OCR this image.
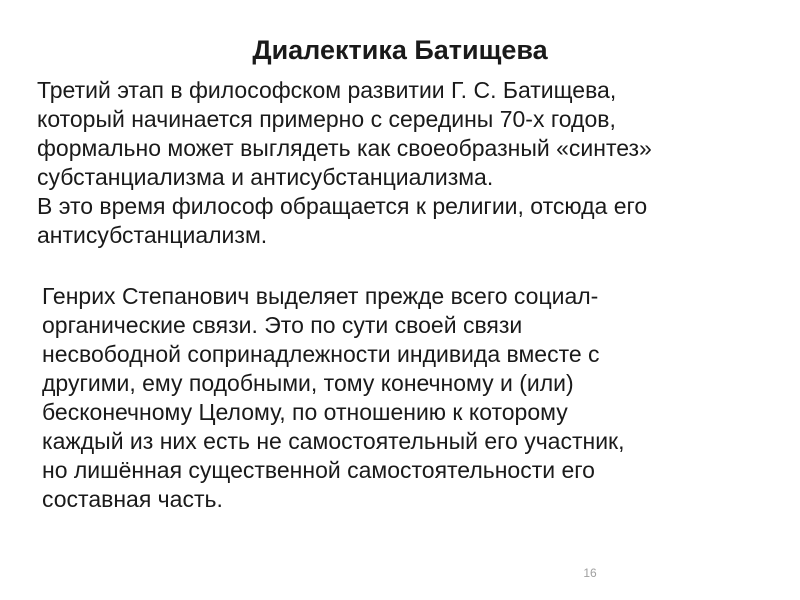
Диалектика Батищева
Третий этап в философском развитии Г. С. Батищева,
который начинается примерно с середины 70-х годов,
формально может выглядеть как своеобразный «синтез»
субстанциализма и антисубстанциализма.
В это время философ обращается к религии, отсюда его
антисубстанциализм.
Генрих Степанович выделяет прежде всего социал-
органические связи. Это по сути своей связи
несвободной сопринадлежности индивида вместе с
другими, ему подобными, тому конечному и (или)
бесконечному Целому, по отношению к которому
каждый из них есть не самостоятельный его участник,
но лишённая существенной самостоятельности его
составная часть.
16
